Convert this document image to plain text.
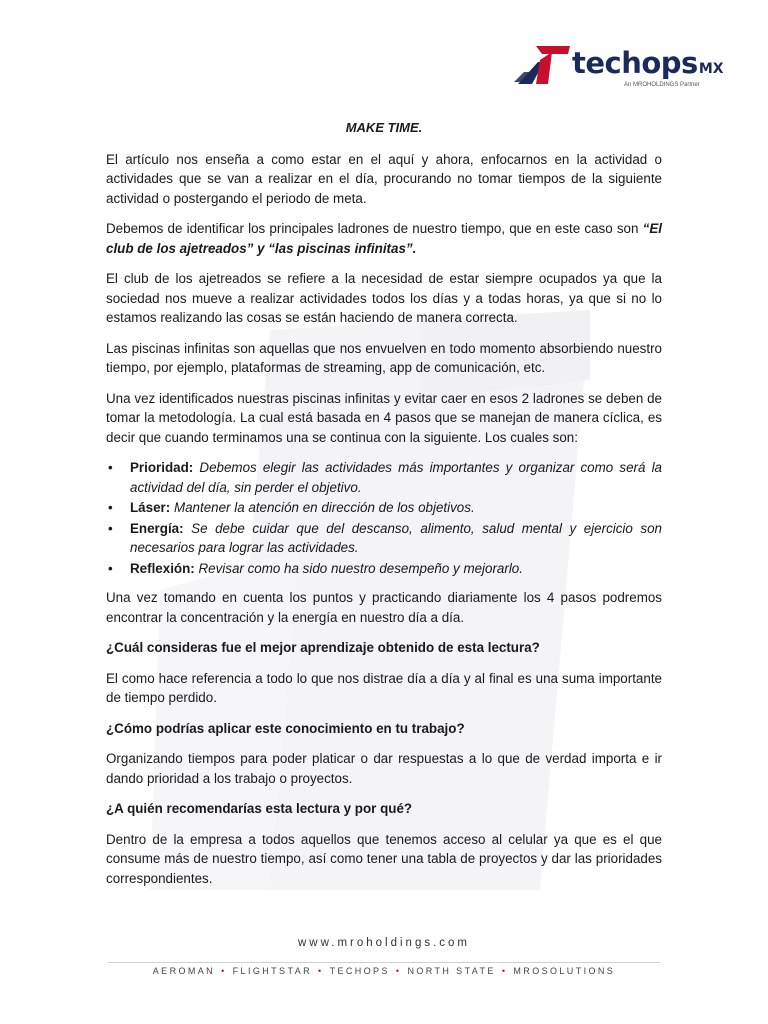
techopsMX
An MROHOLDINGS Partner

MAKE TIME.

El artículo nos enseña a como estar en el aquí y ahora, enfocarnos en la actividad o actividades que se van a realizar en el día, procurando no tomar tiempos de la siguiente actividad o postergando el periodo de meta.

Debemos de identificar los principales ladrones de nuestro tiempo, que en este caso son “El club de los ajetreados” y “las piscinas infinitas”.

El club de los ajetreados se refiere a la necesidad de estar siempre ocupados ya que la sociedad nos mueve a realizar actividades todos los días y a todas horas, ya que si no lo estamos realizando las cosas se están haciendo de manera correcta.

Las piscinas infinitas son aquellas que nos envuelven en todo momento absorbiendo nuestro tiempo, por ejemplo, plataformas de streaming, app de comunicación, etc.

Una vez identificados nuestras piscinas infinitas y evitar caer en esos 2 ladrones se deben de tomar la metodología. La cual está basada en 4 pasos que se manejan de manera cíclica, es decir que cuando terminamos una se continua con la siguiente. Los cuales son:

• Prioridad: Debemos elegir las actividades más importantes y organizar como será la actividad del día, sin perder el objetivo.
• Láser: Mantener la atención en dirección de los objetivos.
• Energía: Se debe cuidar que del descanso, alimento, salud mental y ejercicio son necesarios para lograr las actividades.
• Reflexión: Revisar como ha sido nuestro desempeño y mejorarlo.

Una vez tomando en cuenta los puntos y practicando diariamente los 4 pasos podremos encontrar la concentración y la energía en nuestro día a día.

¿Cuál consideras fue el mejor aprendizaje obtenido de esta lectura?

El como hace referencia a todo lo que nos distrae día a día y al final es una suma importante de tiempo perdido.

¿Cómo podrías aplicar este conocimiento en tu trabajo?

Organizando tiempos para poder platicar o dar respuestas a lo que de verdad importa e ir dando prioridad a los trabajo o proyectos.

¿A quién recomendarías esta lectura y por qué?

Dentro de la empresa a todos aquellos que tenemos acceso al celular ya que es el que consume más de nuestro tiempo, así como tener una tabla de proyectos y dar las prioridades correspondientes.

www.mroholdings.com
AEROMAN • FLIGHTSTAR • TECHOPS • NORTH STATE • MROSOLUTIONS
